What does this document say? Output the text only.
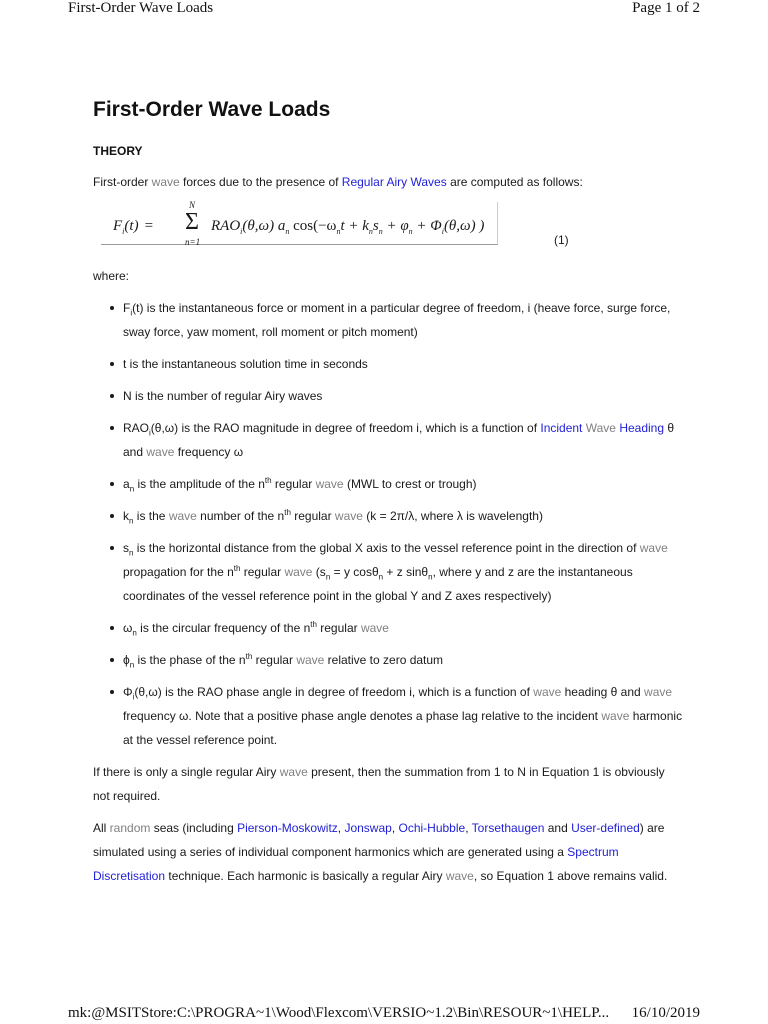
First-Order Wave Loads	Page 1 of 2
First-Order Wave Loads
THEORY

First-order wave forces due to the presence of Regular Airy Waves are computed as follows:

$F_i(t)$ =
N
Σ
n=1
$RAO_i(\theta,\omega)$ $a_n$ $\cos(-\omega_nt + k_ns_n + \varphi_n + \Phi_i(\theta,\omega)$ )
(1)

where:

$F_i(t)$ is the instantaneous force or moment in a particular degree of freedom, i (heave force, surge force, sway force, yaw moment, roll moment or pitch moment)
t is the instantaneous solution time in seconds
N is the number of regular Airy waves
$RAO_i(\theta,\omega)$ is the RAO magnitude in degree of freedom i, which is a function of Incident Wave Heading θ and wave frequency ω
$a_n$ is the amplitude of the $n^{th}$ regular wave (MWL to crest or trough)
$k_n$ is the wave number of the $n^{th}$ regular wave (k = 2π/λ, where λ is wavelength)
$s_n$ is the horizontal distance from the global X axis to the vessel reference point in the direction of wave propagation for the $n^{th}$ regular wave ($s_n = y$ cosθ$_n$ + z sinθ$_n$, where y and z are the instantaneous coordinates of the vessel reference point in the global Y and Z axes respectively)
$\omega_n$ is the circular frequency of the $n^{th}$ regular wave
$\phi_n$ is the phase of the $n^{th}$ regular wave relative to zero datum
$\Phi_i(\theta,\omega)$ is the RAO phase angle in degree of freedom i, which is a function of wave heading θ and wave frequency ω. Note that a positive phase angle denotes a phase lag relative to the incident wave harmonic at the vessel reference point.

If there is only a single regular Airy wave present, then the summation from 1 to N in Equation 1 is obviously not required.

All random seas (including Pierson-Moskowitz, Jonswap, Ochi-Hubble, Torsethaugen and User-defined) are simulated using a series of individual component harmonics which are generated using a Spectrum Discretisation technique. Each harmonic is basically a regular Airy wave, so Equation 1 above remains valid.

mk:@MSITStore:C:\PROGRA~1\Wood\Flexcom\VERSIO~1.2\Bin\RESOUR~1\HELP... 16/10/2019
